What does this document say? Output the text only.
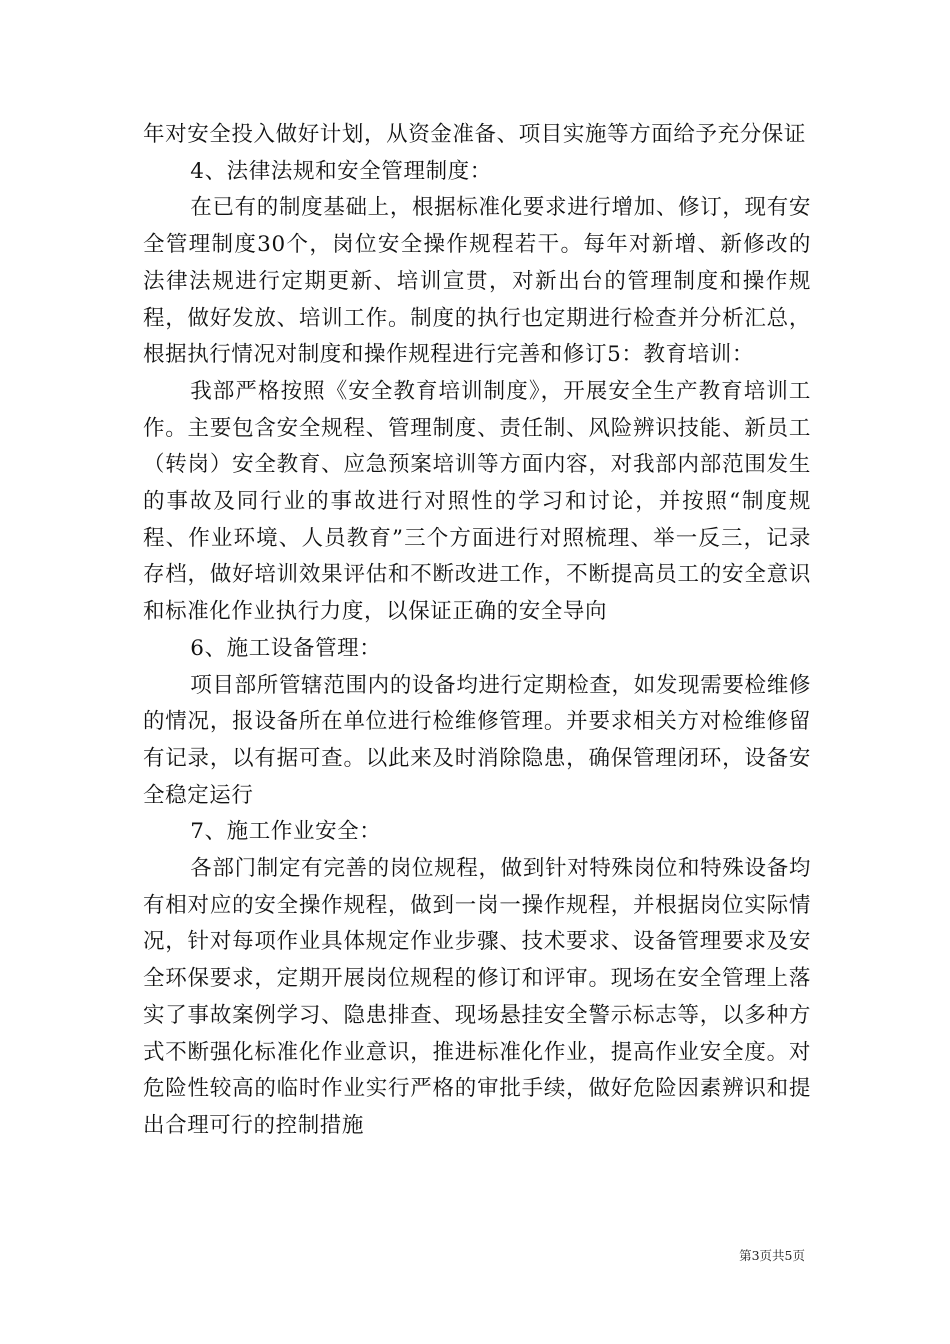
年对安全投入做好计划，从资金准备、项目实施等方面给予充分保证

4、法律法规和安全管理制度：

在已有的制度基础上，根据标准化要求进行增加、修订，现有安全管理制度30个，岗位安全操作规程若干。每年对新增、新修改的法律法规进行定期更新、培训宣贯，对新出台的管理制度和操作规程，做好发放、培训工作。制度的执行也定期进行检查并分析汇总，根据执行情况对制度和操作规程进行完善和修订5：教育培训：

我部严格按照《安全教育培训制度》，开展安全生产教育培训工作。主要包含安全规程、管理制度、责任制、风险辨识技能、新员工（转岗）安全教育、应急预案培训等方面内容，对我部内部范围发生的事故及同行业的事故进行对照性的学习和讨论，并按照“制度规程、作业环境、人员教育”三个方面进行对照梳理、举一反三，记录存档，做好培训效果评估和不断改进工作，不断提高员工的安全意识和标准化作业执行力度，以保证正确的安全导向

6、施工设备管理：

项目部所管辖范围内的设备均进行定期检查，如发现需要检维修的情况，报设备所在单位进行检维修管理。并要求相关方对检维修留有记录，以有据可查。以此来及时消除隐患，确保管理闭环，设备安全稳定运行

7、施工作业安全：

各部门制定有完善的岗位规程，做到针对特殊岗位和特殊设备均有相对应的安全操作规程，做到一岗一操作规程，并根据岗位实际情况，针对每项作业具体规定作业步骤、技术要求、设备管理要求及安全环保要求，定期开展岗位规程的修订和评审。现场在安全管理上落实了事故案例学习、隐患排查、现场悬挂安全警示标志等，以多种方式不断强化标准化作业意识，推进标准化作业，提高作业安全度。对危险性较高的临时作业实行严格的审批手续，做好危险因素辨识和提出合理可行的控制措施

第3页共5页
